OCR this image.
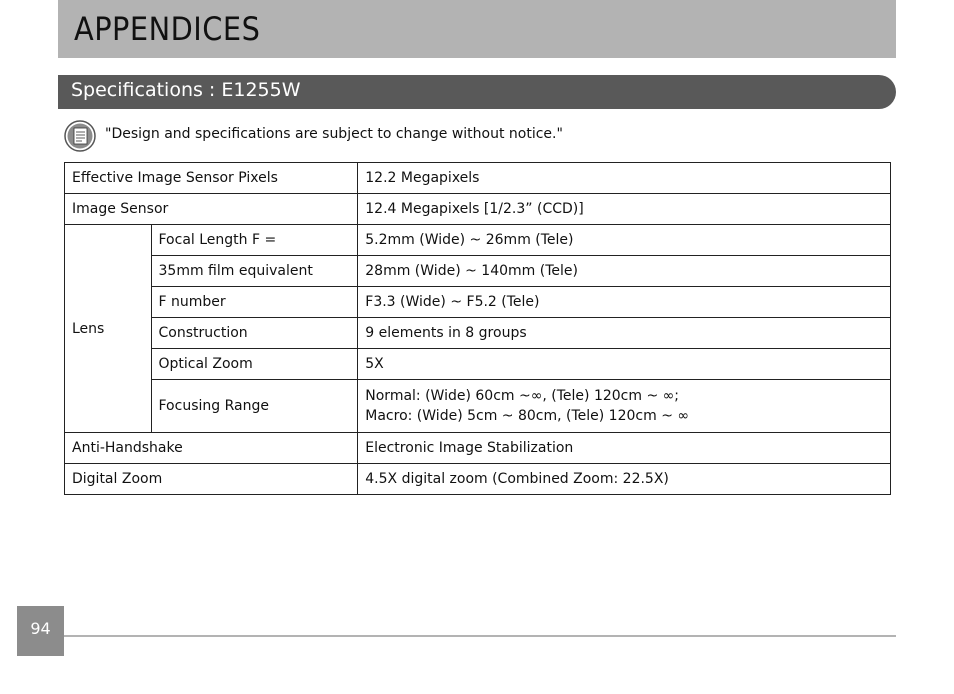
APPENDICES
Specifications : E1255W
"Design and specifications are subject to change without notice."
Effective Image Sensor Pixels		12.2 Megapixels
Image Sensor		12.4 Megapixels [1/2.3” (CCD)]
Lens	Focal Length F =	5.2mm (Wide) ~ 26mm (Tele)
	35mm film equivalent	28mm (Wide) ~ 140mm (Tele)
	F number	F3.3 (Wide) ~ F5.2 (Tele)
	Construction	9 elements in 8 groups
	Optical Zoom	5X
	Focusing Range	Normal: (Wide) 60cm ~∞, (Tele) 120cm ~ ∞;
Macro: (Wide) 5cm ~ 80cm, (Tele) 120cm ~ ∞

Anti-Handshake		Electronic Image Stabilization
Digital Zoom		4.5X digital zoom (Combined Zoom: 22.5X)
94
